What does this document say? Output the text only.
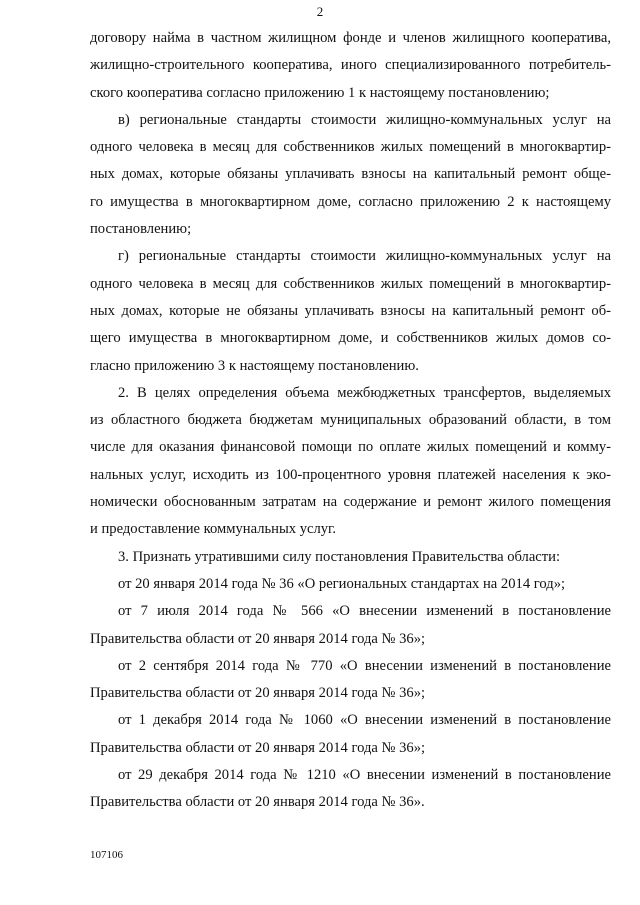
2
договору найма в частном жилищном фонде и членов жилищного кооператива,
жилищно-строительного кооператива, иного специализированного потребитель-
ского кооператива согласно приложению 1 к настоящему постановлению;
в) региональные стандарты стоимости жилищно-коммунальных услуг на
одного человека в месяц для собственников жилых помещений в многоквартир-
ных домах, которые обязаны уплачивать взносы на капитальный ремонт обще-
го имущества в многоквартирном доме, согласно приложению 2 к настоящему
постановлению;
г) региональные стандарты стоимости жилищно-коммунальных услуг на
одного человека в месяц для собственников жилых помещений в многоквартир-
ных домах, которые не обязаны уплачивать взносы на капитальный ремонт об-
щего имущества в многоквартирном доме, и собственников жилых домов со-
гласно приложению 3 к настоящему постановлению.
2. В целях определения объема межбюджетных трансфертов, выделяемых
из областного бюджета бюджетам муниципальных образований области, в том
числе для оказания финансовой помощи по оплате жилых помещений и комму-
нальных услуг, исходить из 100-процентного уровня платежей населения к эко-
номически обоснованным затратам на содержание и ремонт жилого помещения
и предоставление коммунальных услуг.
3. Признать утратившими силу постановления Правительства области:
от 20 января 2014 года № 36 «О региональных стандартах на 2014 год»;
от 7 июля 2014 года № 566 «О внесении изменений в постановление
Правительства области от 20 января 2014 года № 36»;
от 2 сентября 2014 года № 770 «О внесении изменений в постановление
Правительства области от 20 января 2014 года № 36»;
от 1 декабря 2014 года № 1060 «О внесении изменений в постановление
Правительства области от 20 января 2014 года № 36»;
от 29 декабря 2014 года № 1210 «О внесении изменений в постановление
Правительства области от 20 января 2014 года № 36».
107106
